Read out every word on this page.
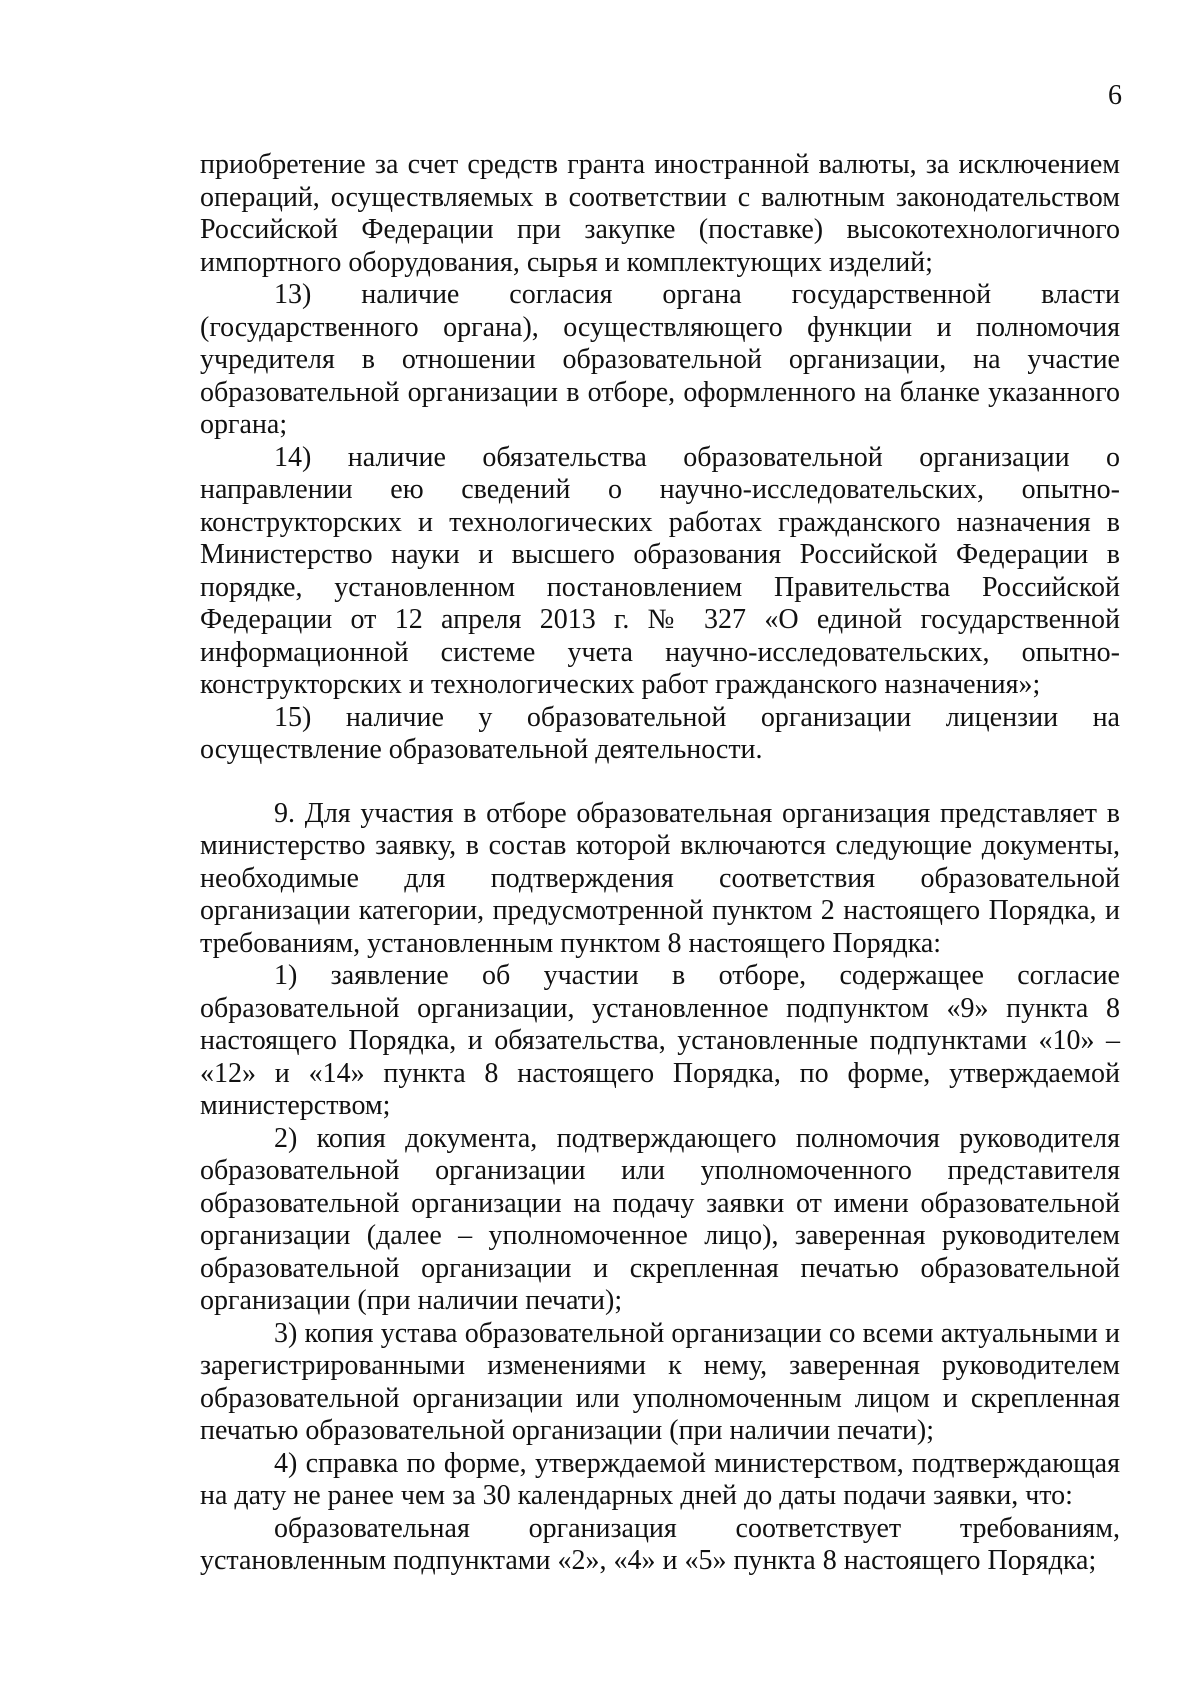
6

приобретение за счет средств гранта иностранной валюты, за исключением операций, осуществляемых в соответствии с валютным законодательством Российской Федерации при закупке (поставке) высокотехнологичного импортного оборудования, сырья и комплектующих изделий;

13) наличие согласия органа государственной власти (государственного органа), осуществляющего функции и полномочия учредителя в отношении образовательной организации, на участие образовательной организации в отборе, оформленного на бланке указанного органа;

14) наличие обязательства образовательной организации о направлении ею сведений о научно-исследовательских, опытно-конструкторских и технологических работах гражданского назначения в Министерство науки и высшего образования Российской Федерации в порядке, установленном постановлением Правительства Российской Федерации от 12 апреля 2013 г. № 327 «О единой государственной информационной системе учета научно-исследовательских, опытно-конструкторских и технологических работ гражданского назначения»;

15) наличие у образовательной организации лицензии на осуществление образовательной деятельности.

9. Для участия в отборе образовательная организация представляет в министерство заявку, в состав которой включаются следующие документы, необходимые для подтверждения соответствия образовательной организации категории, предусмотренной пунктом 2 настоящего Порядка, и требованиям, установленным пунктом 8 настоящего Порядка:

1) заявление об участии в отборе, содержащее согласие образовательной организации, установленное подпунктом «9» пункта 8 настоящего Порядка, и обязательства, установленные подпунктами «10» – «12» и «14» пункта 8 настоящего Порядка, по форме, утверждаемой министерством;

2) копия документа, подтверждающего полномочия руководителя образовательной организации или уполномоченного представителя образовательной организации на подачу заявки от имени образовательной организации (далее – уполномоченное лицо), заверенная руководителем образовательной организации и скрепленная печатью образовательной организации (при наличии печати);

3) копия устава образовательной организации со всеми актуальными и зарегистрированными изменениями к нему, заверенная руководителем образовательной организации или уполномоченным лицом и скрепленная печатью образовательной организации (при наличии печати);

4) справка по форме, утверждаемой министерством, подтверждающая на дату не ранее чем за 30 календарных дней до даты подачи заявки, что:

образовательная организация соответствует требованиям, установленным подпунктами «2», «4» и «5» пункта 8 настоящего Порядка;
